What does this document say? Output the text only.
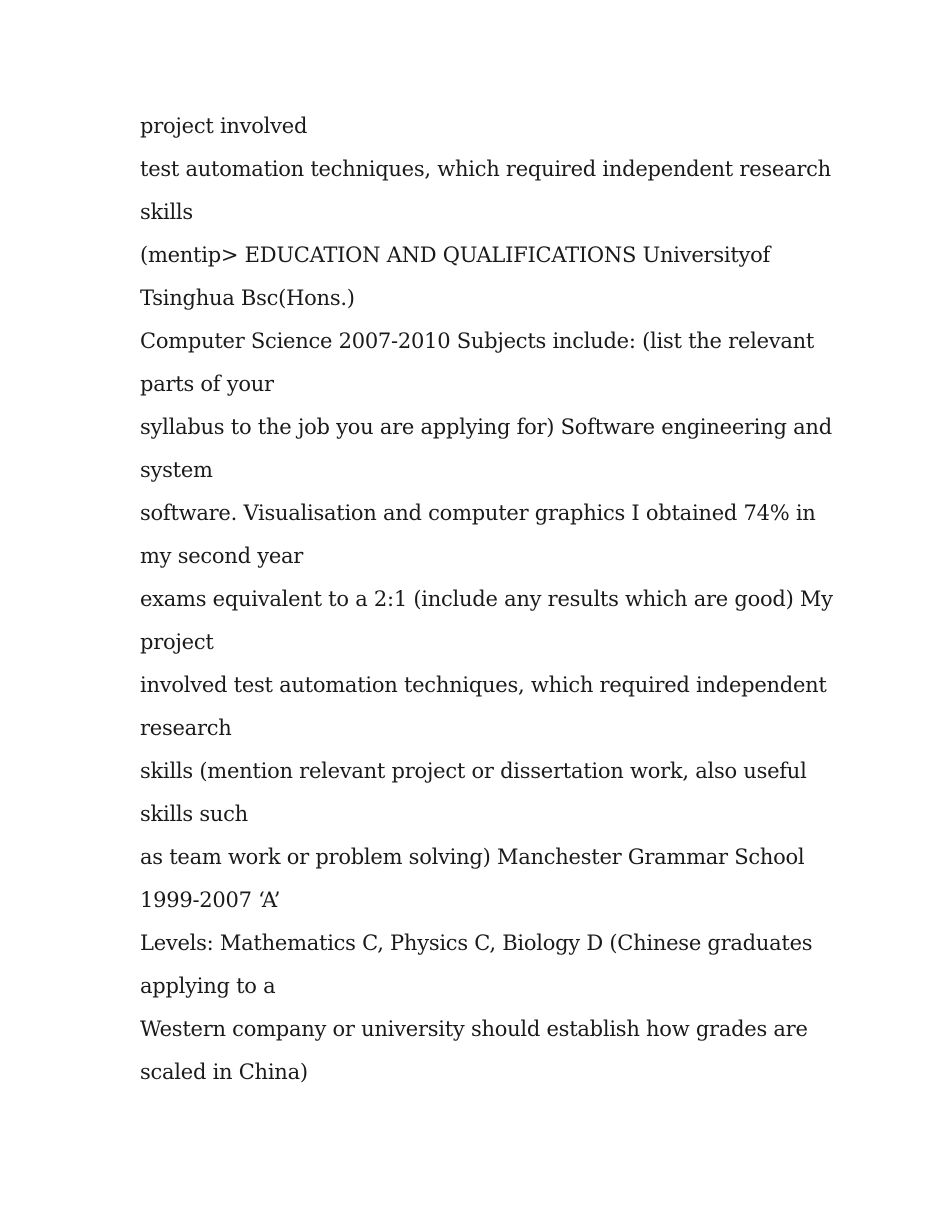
project involved

test automation techniques, which required independent research

skills

(mentip> EDUCATION AND QUALIFICATIONS Universityof

Tsinghua Bsc(Hons.)

Computer Science 2007-2010 Subjects include: (list the relevant

parts of your

syllabus to the job you are applying for) Software engineering and

system

software. Visualisation and computer graphics I obtained 74% in

my second year

exams equivalent to a 2:1 (include any results which are good) My

project

involved test automation techniques, which required independent

research

skills (mention relevant project or dissertation work, also useful

skills such

as team work or problem solving) Manchester Grammar School

1999-2007 ‘A’

Levels: Mathematics C, Physics C, Biology D (Chinese graduates

applying to a

Western company or university should establish how grades are

scaled in China)
